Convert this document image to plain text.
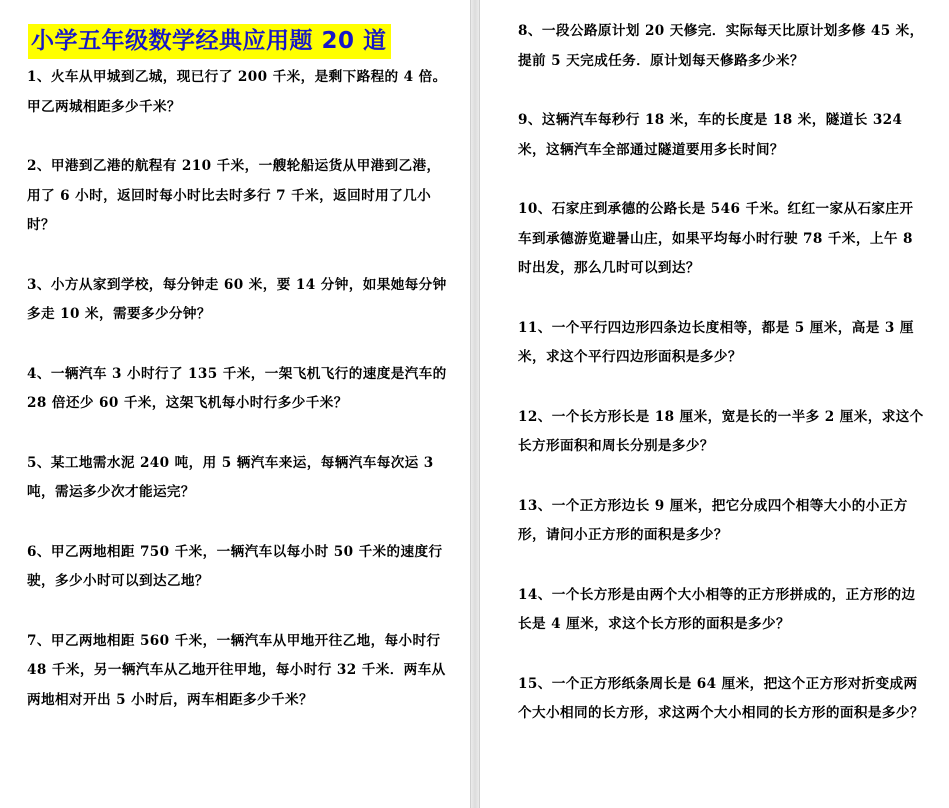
小学五年级数学经典应用题 20 道

1、火车从甲城到乙城，现已行了 200 千米，是剩下路程的 4 倍。甲乙两城相距多少千米？

2、甲港到乙港的航程有 210 千米，一艘轮船运货从甲港到乙港，用了 6 小时，返回时每小时比去时多行 7 千米，返回时用了几小时？

3、小方从家到学校，每分钟走 60 米，要 14 分钟，如果她每分钟多走 10 米，需要多少分钟？

4、一辆汽车 3 小时行了 135 千米，一架飞机飞行的速度是汽车的 28 倍还少 60 千米，这架飞机每小时行多少千米？

5、某工地需水泥 240 吨，用 5 辆汽车来运，每辆汽车每次运 3 吨，需运多少次才能运完？

6、甲乙两地相距 750 千米，一辆汽车以每小时 50 千米的速度行驶，多少小时可以到达乙地？

7、甲乙两地相距 560 千米，一辆汽车从甲地开往乙地，每小时行 48 千米，另一辆汽车从乙地开往甲地，每小时行 32 千米．两车从两地相对开出 5 小时后，两车相距多少千米？

8、一段公路原计划 20 天修完．实际每天比原计划多修 45 米，提前 5 天完成任务．原计划每天修路多少米？

9、这辆汽车每秒行 18 米，车的长度是 18 米，隧道长 324 米，这辆汽车全部通过隧道要用多长时间？

10、石家庄到承德的公路长是 546 千米。红红一家从石家庄开车到承德游览避暑山庄，如果平均每小时行驶 78 千米，上午 8 时出发，那么几时可以到达？

11、一个平行四边形四条边长度相等，都是 5 厘米，高是 3 厘米，求这个平行四边形面积是多少？

12、一个长方形长是 18 厘米，宽是长的一半多 2 厘米，求这个长方形面积和周长分别是多少？

13、一个正方形边长 9 厘米，把它分成四个相等大小的小正方形，请问小正方形的面积是多少？

14、一个长方形是由两个大小相等的正方形拼成的，正方形的边长是 4 厘米，求这个长方形的面积是多少？

15、一个正方形纸条周长是 64 厘米，把这个正方形对折变成两个大小相同的长方形，求这两个大小相同的长方形的面积是多少？
